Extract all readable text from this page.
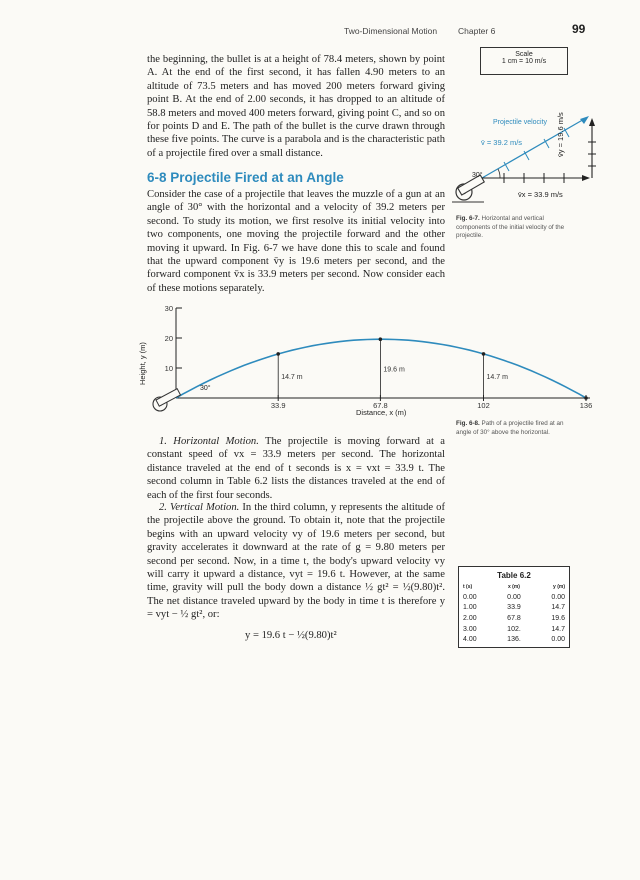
Two-Dimensional Motion Chapter 6	99

the beginning, the bullet is at a height of 78.4 meters, shown by point A. At the end of the first second, it has fallen 4.90 meters to an altitude of 73.5 meters and has moved 200 meters forward giving point B. At the end of 2.00 seconds, it has dropped to an altitude of 58.8 meters and moved 400 meters forward, giving point C, and so on for points D and E. The path of the bullet is the curve drawn through these five points. The curve is a parabola and is the characteristic path of a projectile fired over a small distance.

6-8 Projectile Fired at an Angle

Consider the case of a projectile that leaves the muzzle of a gun at an angle of 30° with the horizontal and a velocity of 39.2 meters per second. To study its motion, we first resolve its initial velocity into two components, one moving the projectile forward and the other moving it upward. In Fig. 6-7 we have done this to scale and found that the upward component v̄y is 19.6 meters per second, and the forward component v̄x is 33.9 meters per second. Now consider each of these motions separately.

Scale
1 cm = 10 m/s
Projectile velocity
v̄ = 39.2 m/s
30°
v̄x = 33.9 m/s
v̄y = 19.6 m/s
Fig. 6-7. Horizontal and vertical components of the initial velocity of the projectile.
10
20
30
33.9	67.8	102	136
14.7 m
19.6 m
14.7 m
Height, y (m)
Distance, x (m)
30°
Fig. 6-8. Path of a projectile fired at an angle of 30° above the horizontal.

1. Horizontal Motion. The projectile is moving forward at a constant speed of vx = 33.9 meters per second. The horizontal distance traveled at the end of t seconds is x = vxt = 33.9 t. The second column in Table 6.2 lists the distances traveled at the end of each of the first four seconds.

2. Vertical Motion. In the third column, y represents the altitude of the projectile above the ground. To obtain it, note that the projectile begins with an upward velocity vy of 19.6 meters per second, but gravity accelerates it downward at the rate of g = 9.80 meters per second per second. Now, in a time t, the body's upward velocity vy will carry it upward a distance, vyt = 19.6 t. However, at the same time, gravity will pull the body down a distance ½ gt² = ½(9.80)t². The net distance traveled upward by the body in time t is therefore y = vyt − ½ gt², or:

y = 19.6 t − ½(9.80)t²
Table 6.2
t (s)	x (m)	y (m)
0.00	0.00	0.00
1.00	33.9	14.7
2.00	67.8	19.6
3.00	102.	14.7
4.00	136.	0.00
